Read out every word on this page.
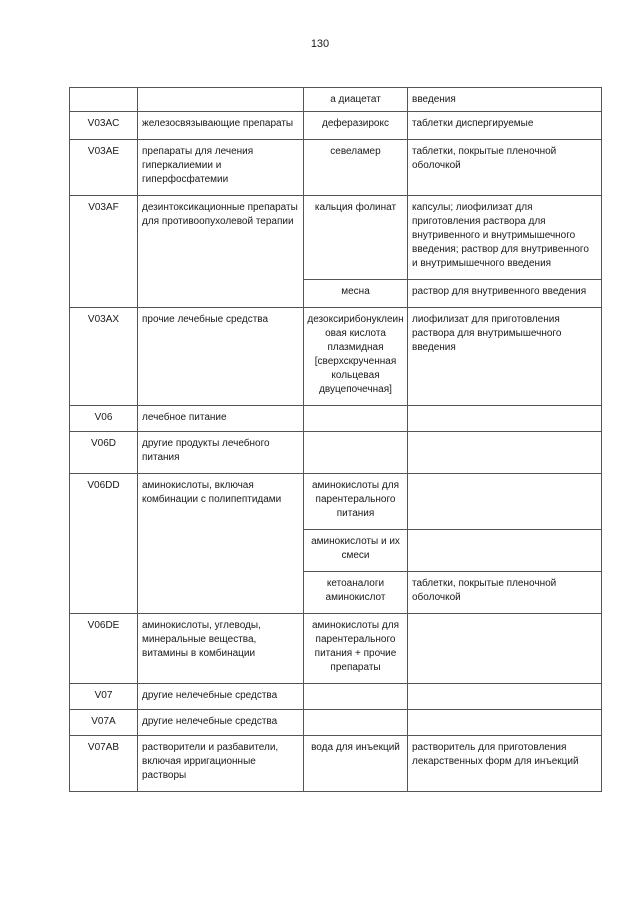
130
		а диацетат	введения
V03AC	железосвязывающие препараты	деферазирокс	таблетки диспергируемые
V03AE	препараты для лечения гиперкалиемии и гиперфосфатемии	севеламер	таблетки, покрытые пленочной оболочкой
V03AF	дезинтоксикационные препараты для противоопухолевой терапии	кальция фолинат	капсулы; лиофилизат для приготовления раствора для внутривенного и внутримышечного введения; раствор для внутривенного и внутримышечного введения
		месна	раствор для внутривенного введения
V03AX	прочие лечебные средства	дезоксирибонуклеиновая кислота плазмидная [сверхскрученная кольцевая двуцепочечная]	лиофилизат для приготовления раствора для внутримышечного введения
V06	лечебное питание		
V06D	другие продукты лечебного питания		
V06DD	аминокислоты, включая комбинации с полипептидами	аминокислоты для парентерального питания	
		аминокислоты и их смеси	
		кетоаналоги аминокислот	таблетки, покрытые пленочной оболочкой
V06DE	аминокислоты, углеводы, минеральные вещества, витамины в комбинации	аминокислоты для парентерального питания + прочие препараты	
V07	другие нелечебные средства		
V07A	другие нелечебные средства		
V07AB	растворители и разбавители, включая ирригационные растворы	вода для инъекций	растворитель для приготовления лекарственных форм для инъекций
